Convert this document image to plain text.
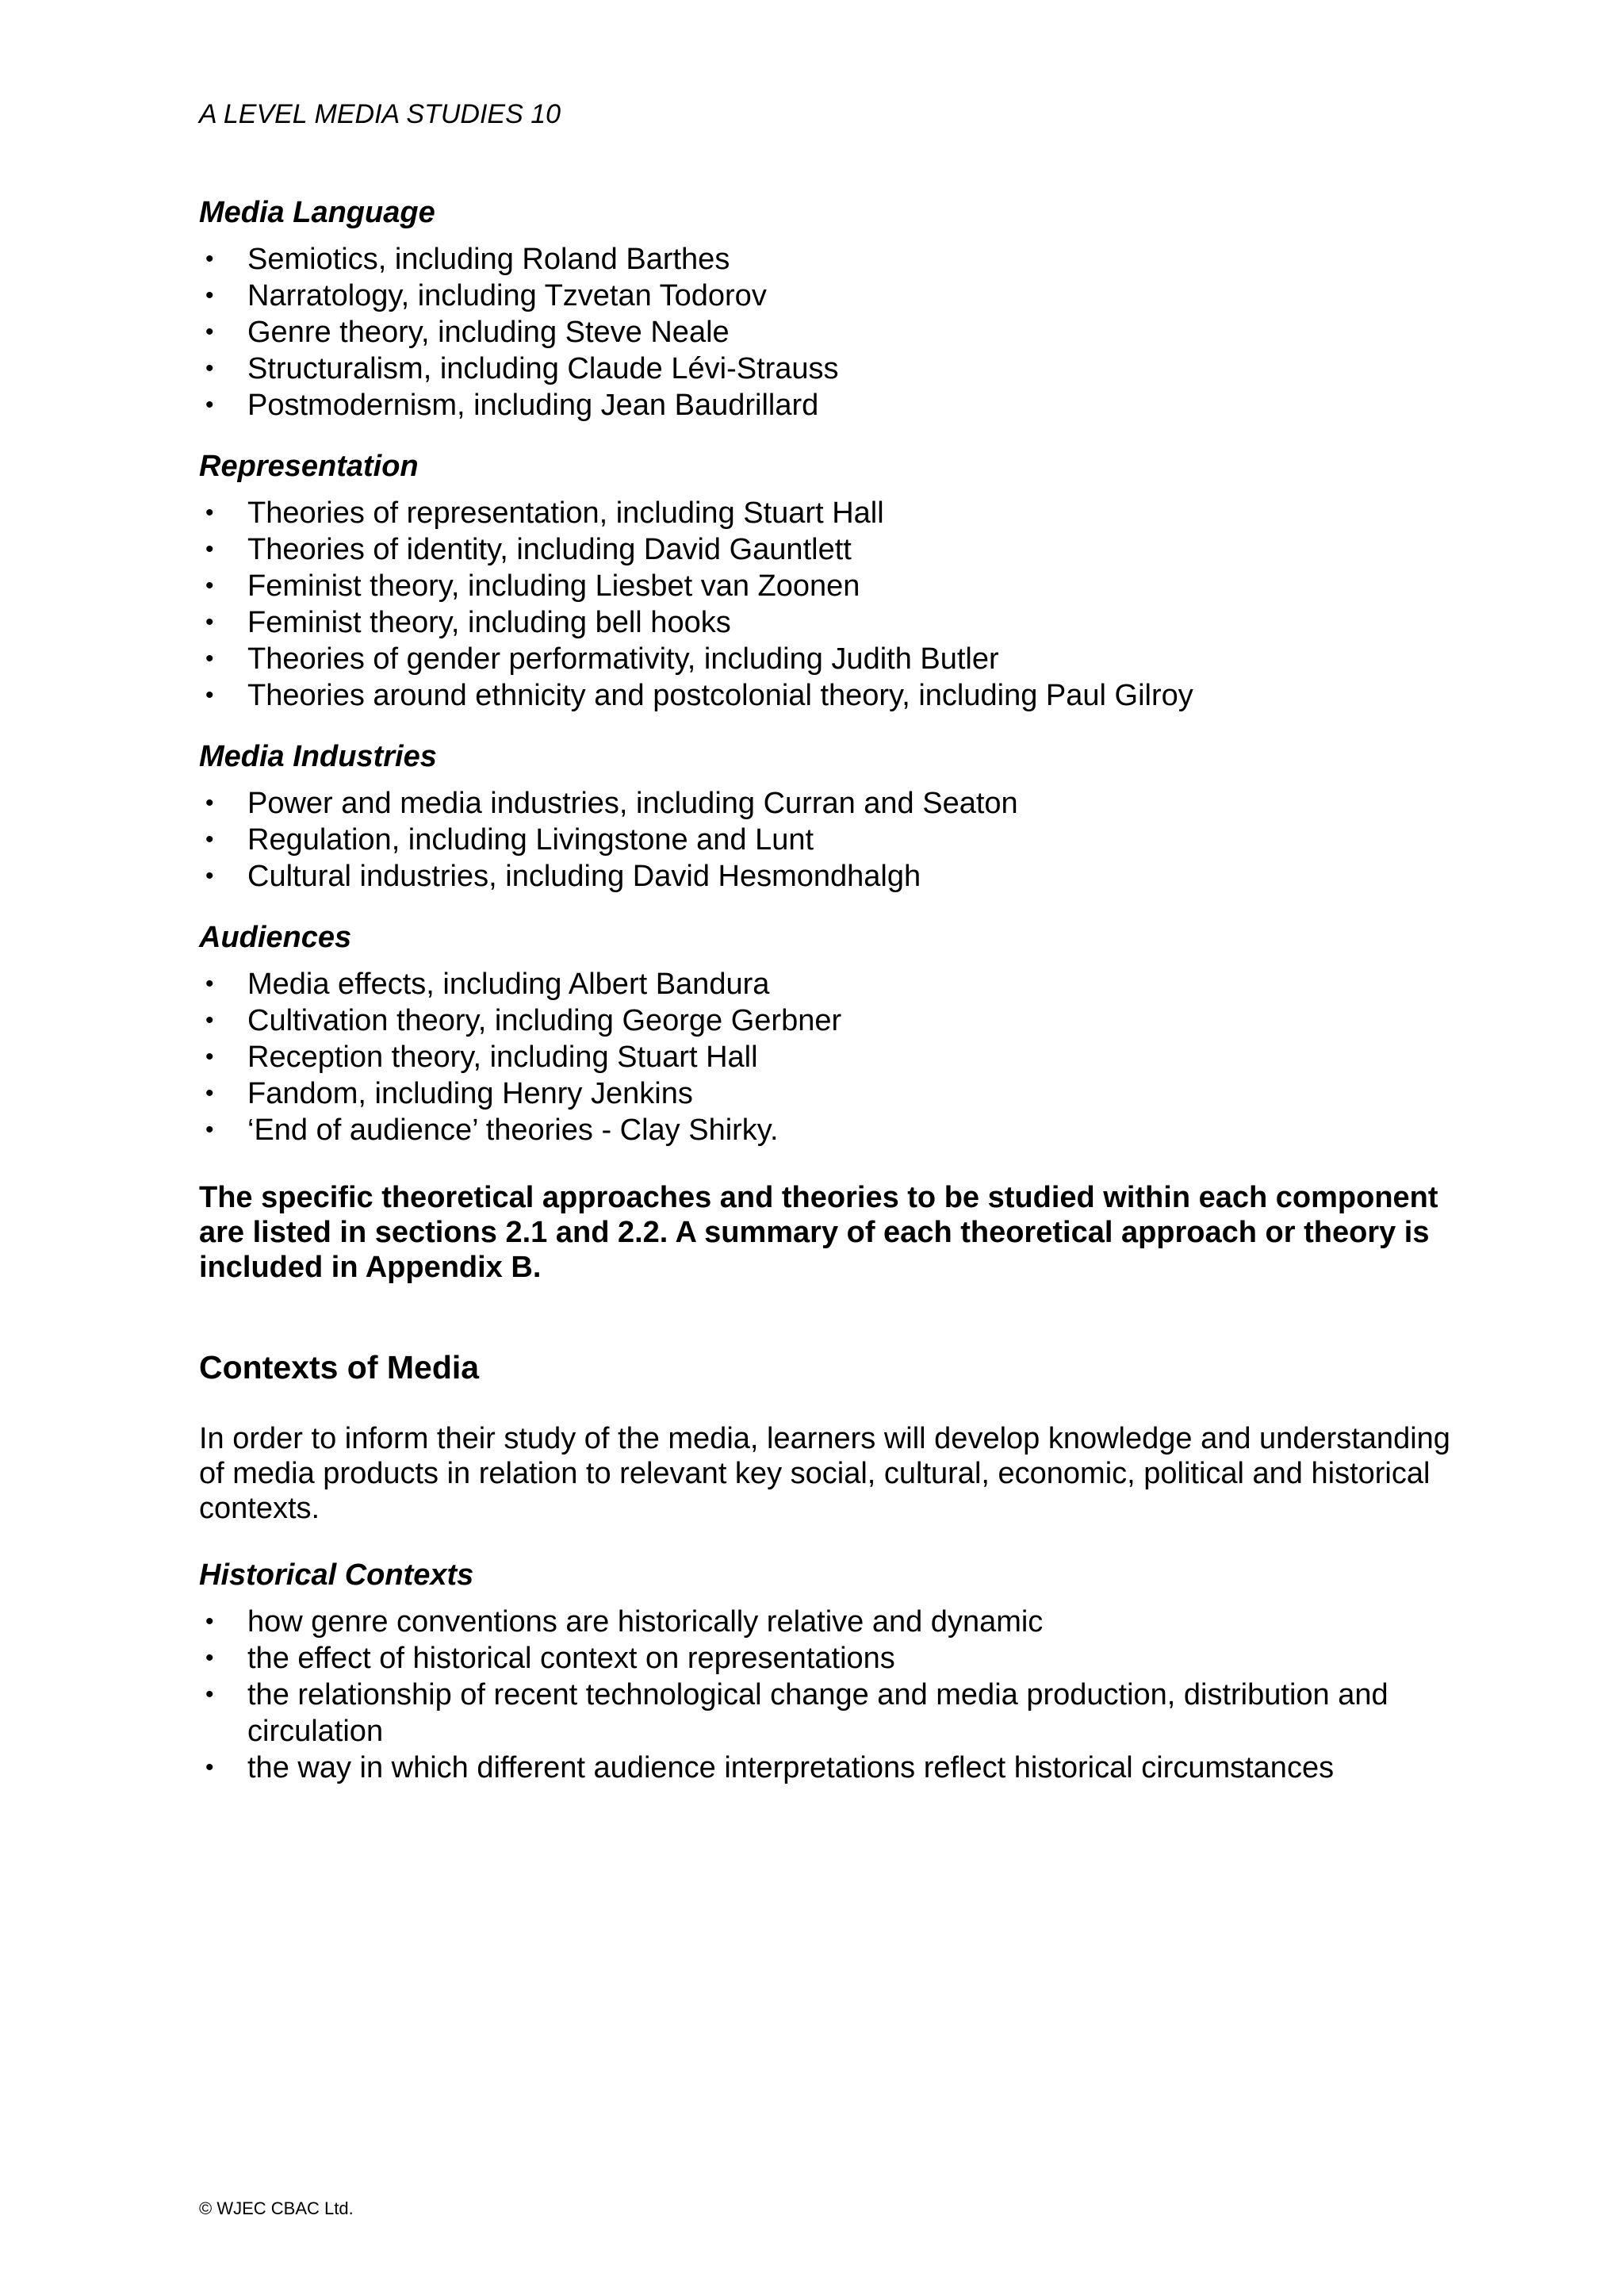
A LEVEL MEDIA STUDIES 10

Media Language
• Semiotics, including Roland Barthes
• Narratology, including Tzvetan Todorov
• Genre theory, including Steve Neale
• Structuralism, including Claude Lévi-Strauss
• Postmodernism, including Jean Baudrillard
Representation
• Theories of representation, including Stuart Hall
• Theories of identity, including David Gauntlett
• Feminist theory, including Liesbet van Zoonen
• Feminist theory, including bell hooks
• Theories of gender performativity, including Judith Butler
• Theories around ethnicity and postcolonial theory, including Paul Gilroy
Media Industries
• Power and media industries, including Curran and Seaton
• Regulation, including Livingstone and Lunt
• Cultural industries, including David Hesmondhalgh
Audiences
• Media effects, including Albert Bandura
• Cultivation theory, including George Gerbner
• Reception theory, including Stuart Hall
• Fandom, including Henry Jenkins
• ‘End of audience’ theories - Clay Shirky.

The specific theoretical approaches and theories to be studied within each component are listed in sections 2.1 and 2.2. A summary of each theoretical approach or theory is included in Appendix B.

Contexts of Media

In order to inform their study of the media, learners will develop knowledge and understanding of media products in relation to relevant key social, cultural, economic, political and historical contexts.

Historical Contexts
• how genre conventions are historically relative and dynamic
• the effect of historical context on representations
• the relationship of recent technological change and media production, distribution and circulation
• the way in which different audience interpretations reflect historical circumstances

© WJEC CBAC Ltd.
